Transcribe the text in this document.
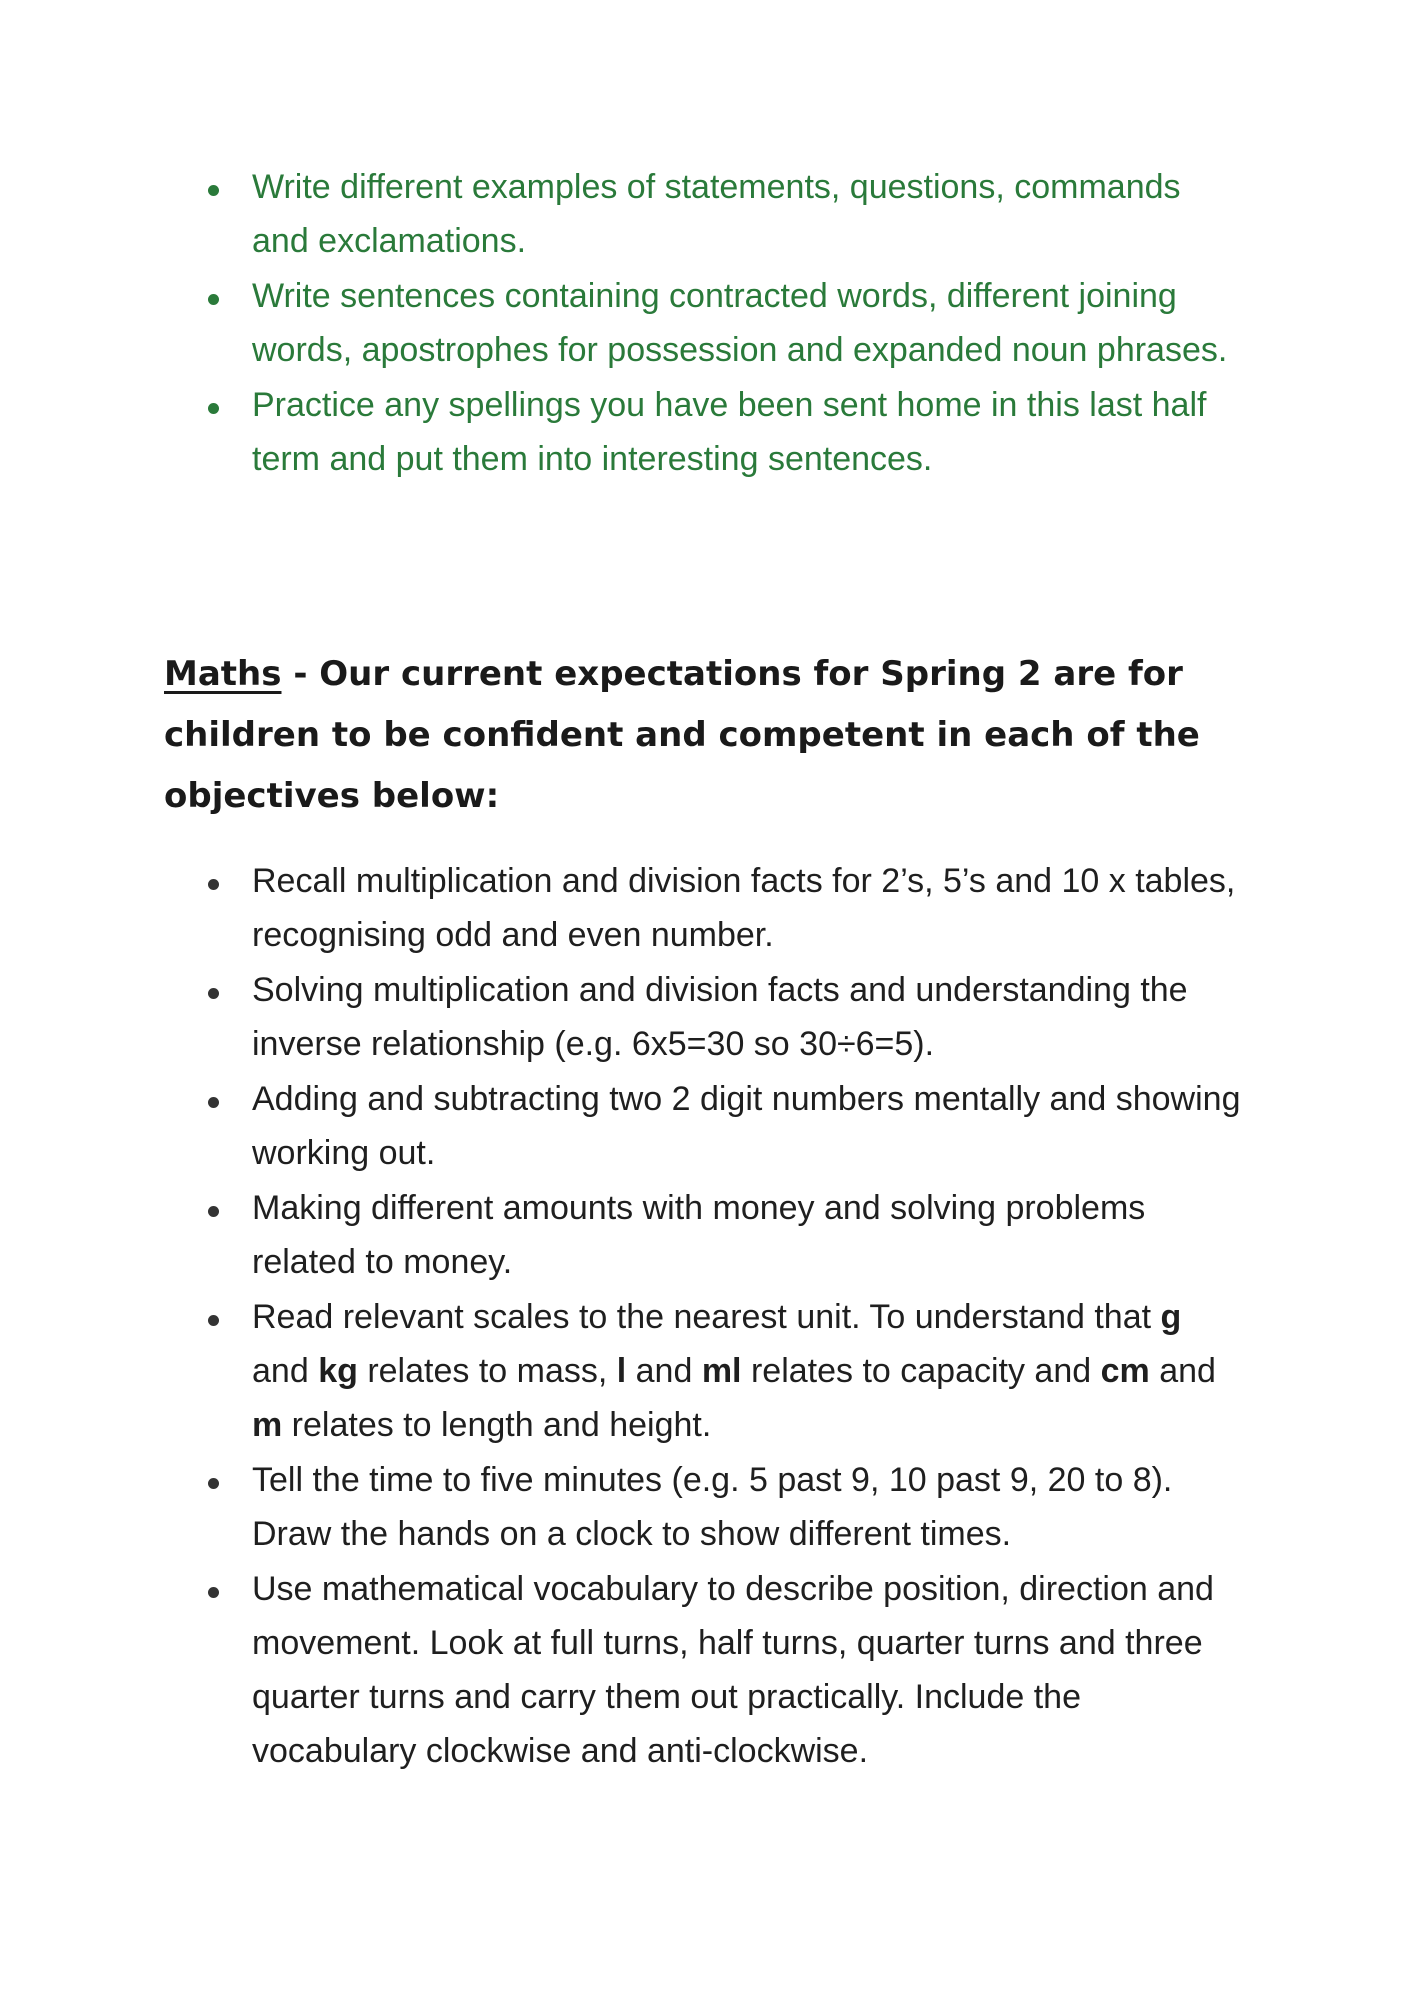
Write different examples of statements, questions, commands and exclamations.
Write sentences containing contracted words, different joining words, apostrophes for possession and expanded noun phrases.
Practice any spellings you have been sent home in this last half term and put them into interesting sentences.
Maths - Our current expectations for Spring 2 are for children to be confident and competent in each of the objectives below:
Recall multiplication and division facts for 2’s, 5’s and 10 x tables, recognising odd and even number.
Solving multiplication and division facts and understanding the inverse relationship (e.g. 6x5=30 so 30÷6=5).
Adding and subtracting two 2 digit numbers mentally and showing working out.
Making different amounts with money and solving problems related to money.
Read relevant scales to the nearest unit. To understand that g and kg relates to mass, l and ml relates to capacity and cm and m relates to length and height.
Tell the time to five minutes (e.g. 5 past 9, 10 past 9, 20 to 8). Draw the hands on a clock to show different times.
Use mathematical vocabulary to describe position, direction and movement. Look at full turns, half turns, quarter turns and three quarter turns and carry them out practically. Include the vocabulary clockwise and anti-clockwise.
